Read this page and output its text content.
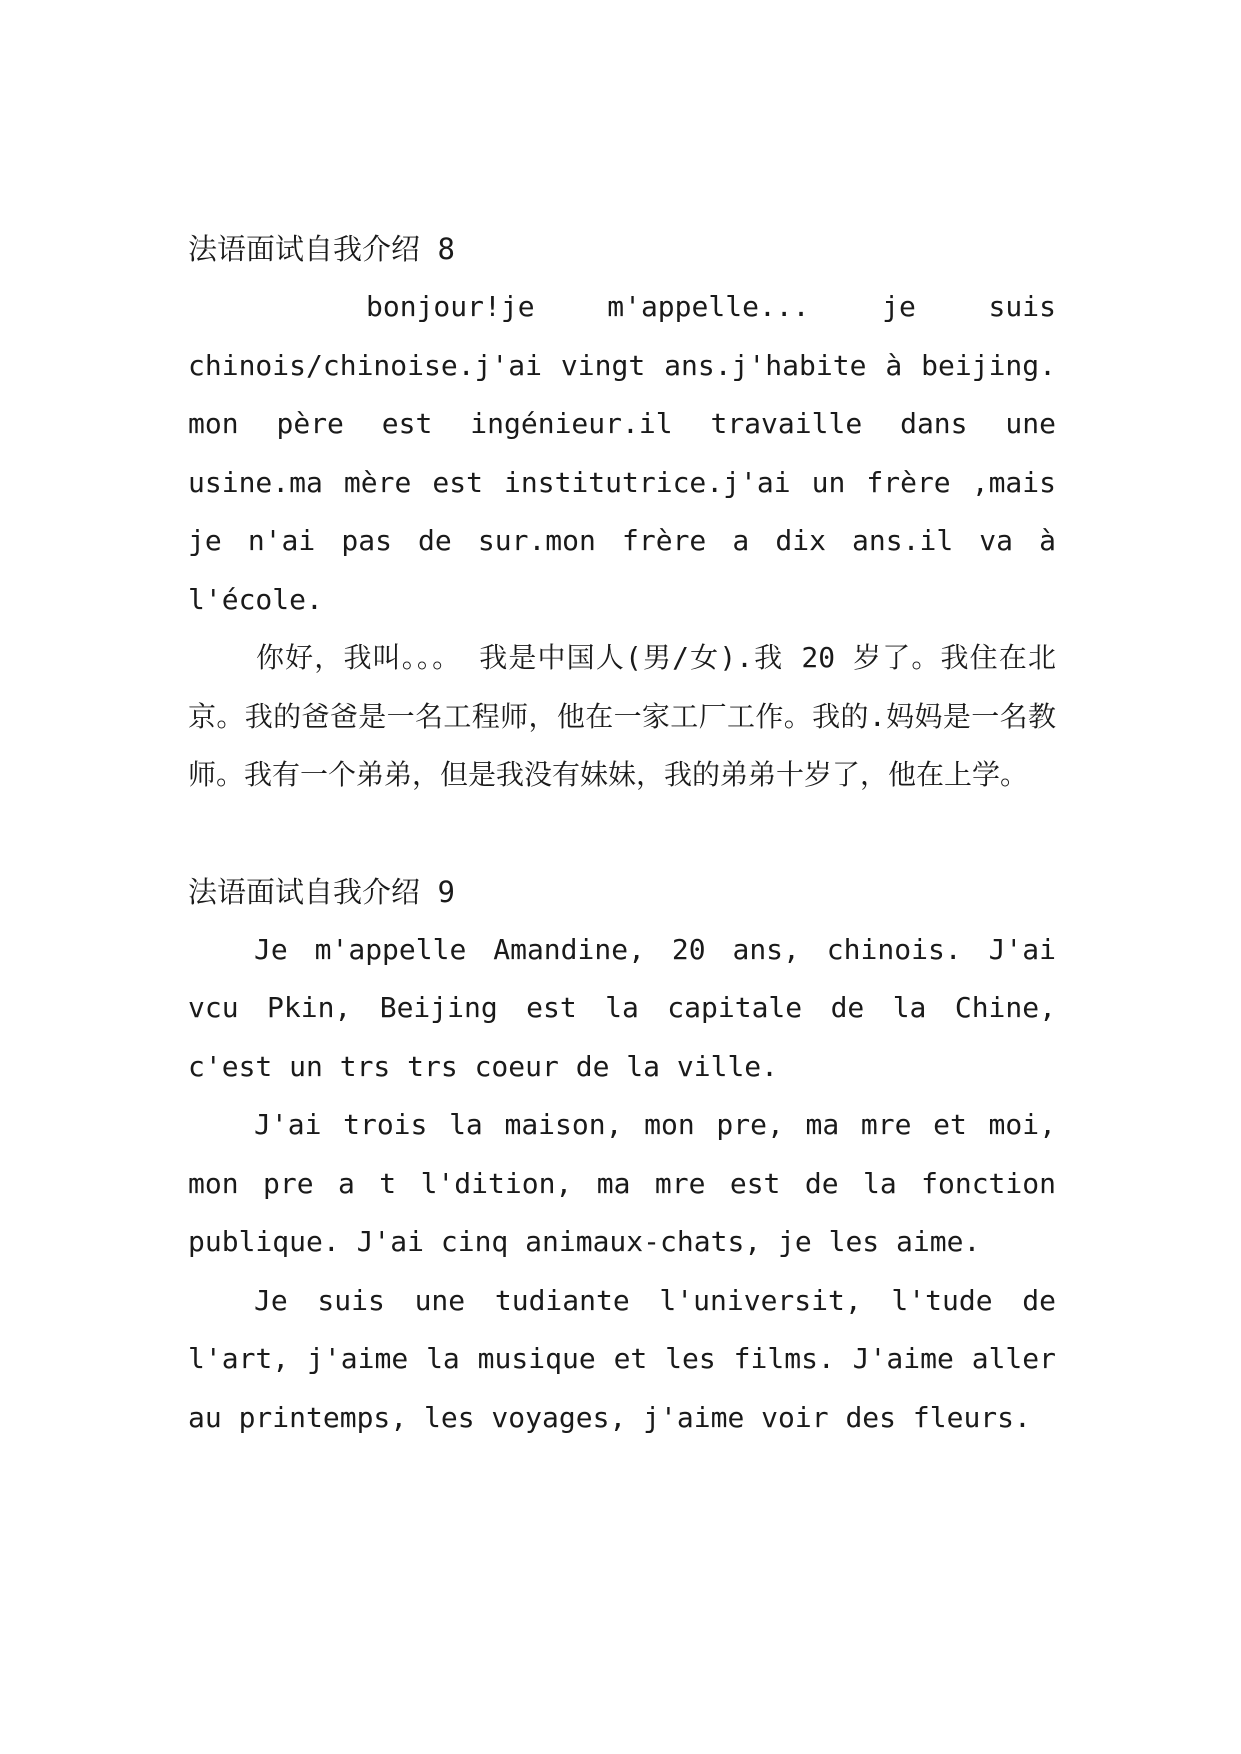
法语面试自我介绍 8

bonjour!je m'appelle... je suis chinois/chinoise.j'ai vingt ans.j'habite à beijing. mon père est ingénieur.il travaille dans une usine.ma mère est institutrice.j'ai un frère ,mais je n'ai pas de sur.mon frère a dix ans.il va à l'école.

你好，我叫。。。 我是中国人(男/女).我 20 岁了。我住在北京。我的爸爸是一名工程师，他在一家工厂工作。我的.妈妈是一名教师。我有一个弟弟，但是我没有妹妹，我的弟弟十岁了，他在上学。

法语面试自我介绍 9

Je m'appelle Amandine, 20 ans, chinois. J'ai vcu Pkin, Beijing est la capitale de la Chine, c'est un trs trs coeur de la ville.

J'ai trois la maison, mon pre, ma mre et moi, mon pre a t l'dition, ma mre est de la fonction publique. J'ai cinq animaux-chats, je les aime.

Je suis une tudiante l'universit, l'tude de l'art, j'aime la musique et les films. J'aime aller au printemps, les voyages, j'aime voir des fleurs.
